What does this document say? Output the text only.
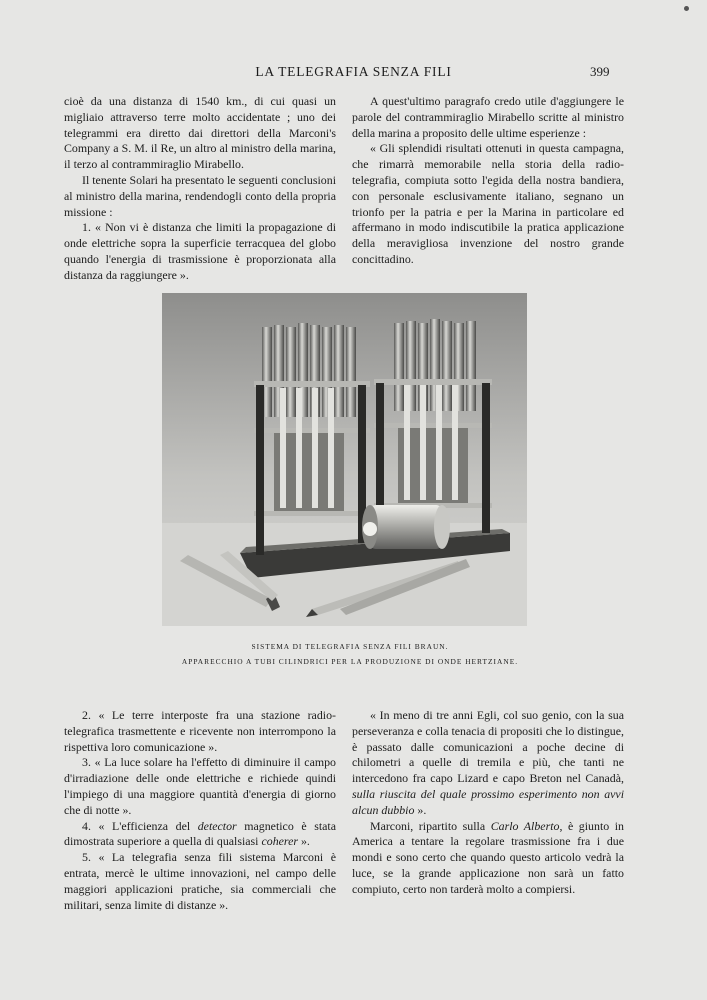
LA TELEGRAFIA SENZA FILI	399

cioè da una distanza di 1540 km., di cui quasi un migliaio attraverso terre molto accidentate ; uno dei telegrammi era diretto dai direttori della Marconi's Company a S. M. il Re, un altro al ministro della marina, il terzo al contrammiraglio Mirabello.

Il tenente Solari ha presentato le seguenti conclusioni al ministro della marina, rendendogli conto della propria missione :

1. « Non vi è distanza che limiti la propagazione di onde elettriche sopra la superficie terracquea del globo quando l'energia di trasmissione è proporzionata alla distanza da raggiungere ».

A quest'ultimo paragrafo credo utile d'aggiungere le parole del contrammiraglio Mirabello scritte al ministro della marina a proposito delle ultime esperienze :

« Gli splendidi risultati ottenuti in questa campagna, che rimarrà memorabile nella storia della radio-telegrafia, compiuta sotto l'egida della nostra bandiera, con personale esclusivamente italiano, segnano un trionfo per la patria e per la Marina in particolare ed affermano in modo indiscutibile la pratica applicazione della meravigliosa invenzione del nostro grande concittadino.

SISTEMA DI TELEGRAFIA SENZA FILI BRAUN.
APPARECCHIO A TUBI CILINDRICI PER LA PRODUZIONE DI ONDE HERTZIANE.

2. « Le terre interposte fra una stazione radio-telegrafica trasmettente e ricevente non interrompono la rispettiva loro comunicazione ».

3. « La luce solare ha l'effetto di diminuire il campo d'irradiazione delle onde elettriche e richiede quindi l'impiego di una maggiore quantità d'energia di giorno che di notte ».

4. « L'efficienza del detector magnetico è stata dimostrata superiore a quella di qualsiasi coherer ».

5. « La telegrafia senza fili sistema Marconi è entrata, mercè le ultime innovazioni, nel campo delle maggiori applicazioni pratiche, sia commerciali che militari, senza limite di distanze ».

« In meno di tre anni Egli, col suo genio, con la sua perseveranza e colla tenacia di propositi che lo distingue, è passato dalle comunicazioni a poche decine di chilometri a quelle di tremila e più, che tanti ne intercedono fra capo Lizard e capo Breton nel Canadà, sulla riuscita del quale prossimo esperimento non avvi alcun dubbio ».

Marconi, ripartito sulla Carlo Alberto, è giunto in America a tentare la regolare trasmissione fra i due mondi e sono certo che quando questo articolo vedrà la luce, se la grande applicazione non sarà un fatto compiuto, certo non tarderà molto a compiersi.
